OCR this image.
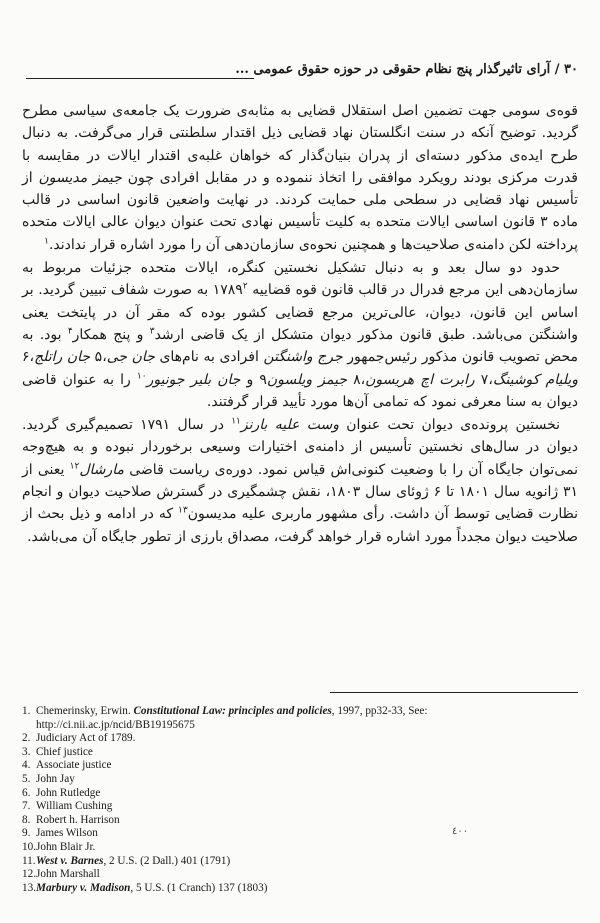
۳۰ / آرای تاثیرگذار پنج نظام حقوقی در حوزه حقوق عمومی ...

قوه‌ی سومی جهت تضمین اصل استقلال قضایی به مثابه‌ی ضرورت یک جامعه‌ی سیاسی مطرح گردید. توضیح آنکه در سنت انگلستان نهاد قضایی ذیل اقتدار سلطنتی قرار می‌گرفت. به دنبال طرح ایده‌ی مذکور دسته‌ای از پدران بنیان‌گذار که خواهان غلبه‌ی اقتدار ایالات در مقایسه با قدرت مرکزی بودند رویکرد موافقی را اتخاذ ننموده و در مقابل افرادی چون جیمز مدیسون از تأسیس نهاد قضایی در سطحی ملی حمایت کردند. در نهایت واضعین قانون اساسی در قالب ماده ۳ قانون اساسی ایالات متحده به کلیت تأسیس نهادی تحت عنوان دیوان عالی ایالات متحده پرداخته لکن دامنه‌ی صلاحیت‌ها و همچنین نحوه‌ی سازمان‌دهی آن را مورد اشاره قرار ندادند.$^۱$

حدود دو سال بعد و به دنبال تشکیل نخستین کنگره، ایالات متحده جزئیات مربوط به سازمان‌دهی این مرجع فدرال در قالب قانون قوه قضاییه ۱۷۸۹$^۲$ به صورت شفاف تبیین گردید. بر اساس این قانون، دیوان، عالی‌ترین مرجع قضایی کشور بوده که مقر آن در پایتخت یعنی واشنگتن می‌باشد. طبق قانون مذکور دیوان متشکل از یک قاضی ارشد$^۳$ و پنج همکار$^۴$ بود. به محض تصویب قانون مذکور رئیس‌جمهور جرج واشنگتن افرادی به نام‌های جان جی،۵ جان راتلج،۶ ویلیام کوشینگ،۷ رابرت اچ هریسون،۸ جیمز ویلسون۹ و جان بلیر جونیور$^{۱۰}$ را به عنوان قاضی دیوان به سنا معرفی نمود که تمامی آن‌ها مورد تأیید قرار گرفتند.

نخستین پرونده‌ی دیوان تحت عنوان وست علیه بارنز$^{۱۱}$ در سال ۱۷۹۱ تصمیم‌گیری گردید. دیوان در سال‌های نخستین تأسیس از دامنه‌ی اختیارات وسیعی برخوردار نبوده و به هیچ‌وجه نمی‌توان جایگاه آن را با وضعیت کنونی‌اش قیاس نمود. دوره‌ی ریاست قاضی مارشال$^{۱۲}$ یعنی از ۳۱ ژانویه سال ۱۸۰۱ تا ۶ ژوئای سال ۱۸۰۳، نقش چشمگیری در گسترش صلاحیت دیوان و انجام نظارت قضایی توسط آن داشت. رأی مشهور ماربری علیه مدیسون$^{۱۳}$ که در ادامه و ذیل بحث از صلاحیت دیوان مجدداً مورد اشاره قرار خواهد گرفت، مصداق بارزی از تطور جایگاه آن می‌باشد.

1. Chemerinsky, Erwin. Constitutional Law: principles and policies, 1997, pp32-33, See: http://ci.nii.ac.jp/ncid/BB19195675
2. Judiciary Act of 1789.
3. Chief justice
4. Associate justice
5. John Jay
6. John Rutledge
7. William Cushing
8. Robert h. Harrison
9. James Wilson
10. John Blair Jr.
11. West v. Barnes, 2 U.S. (2 Dall.) 401 (1791)
12. John Marshall
13. Marbury v. Madison, 5 U.S. (1 Cranch) 137 (1803)
٤٠٠
